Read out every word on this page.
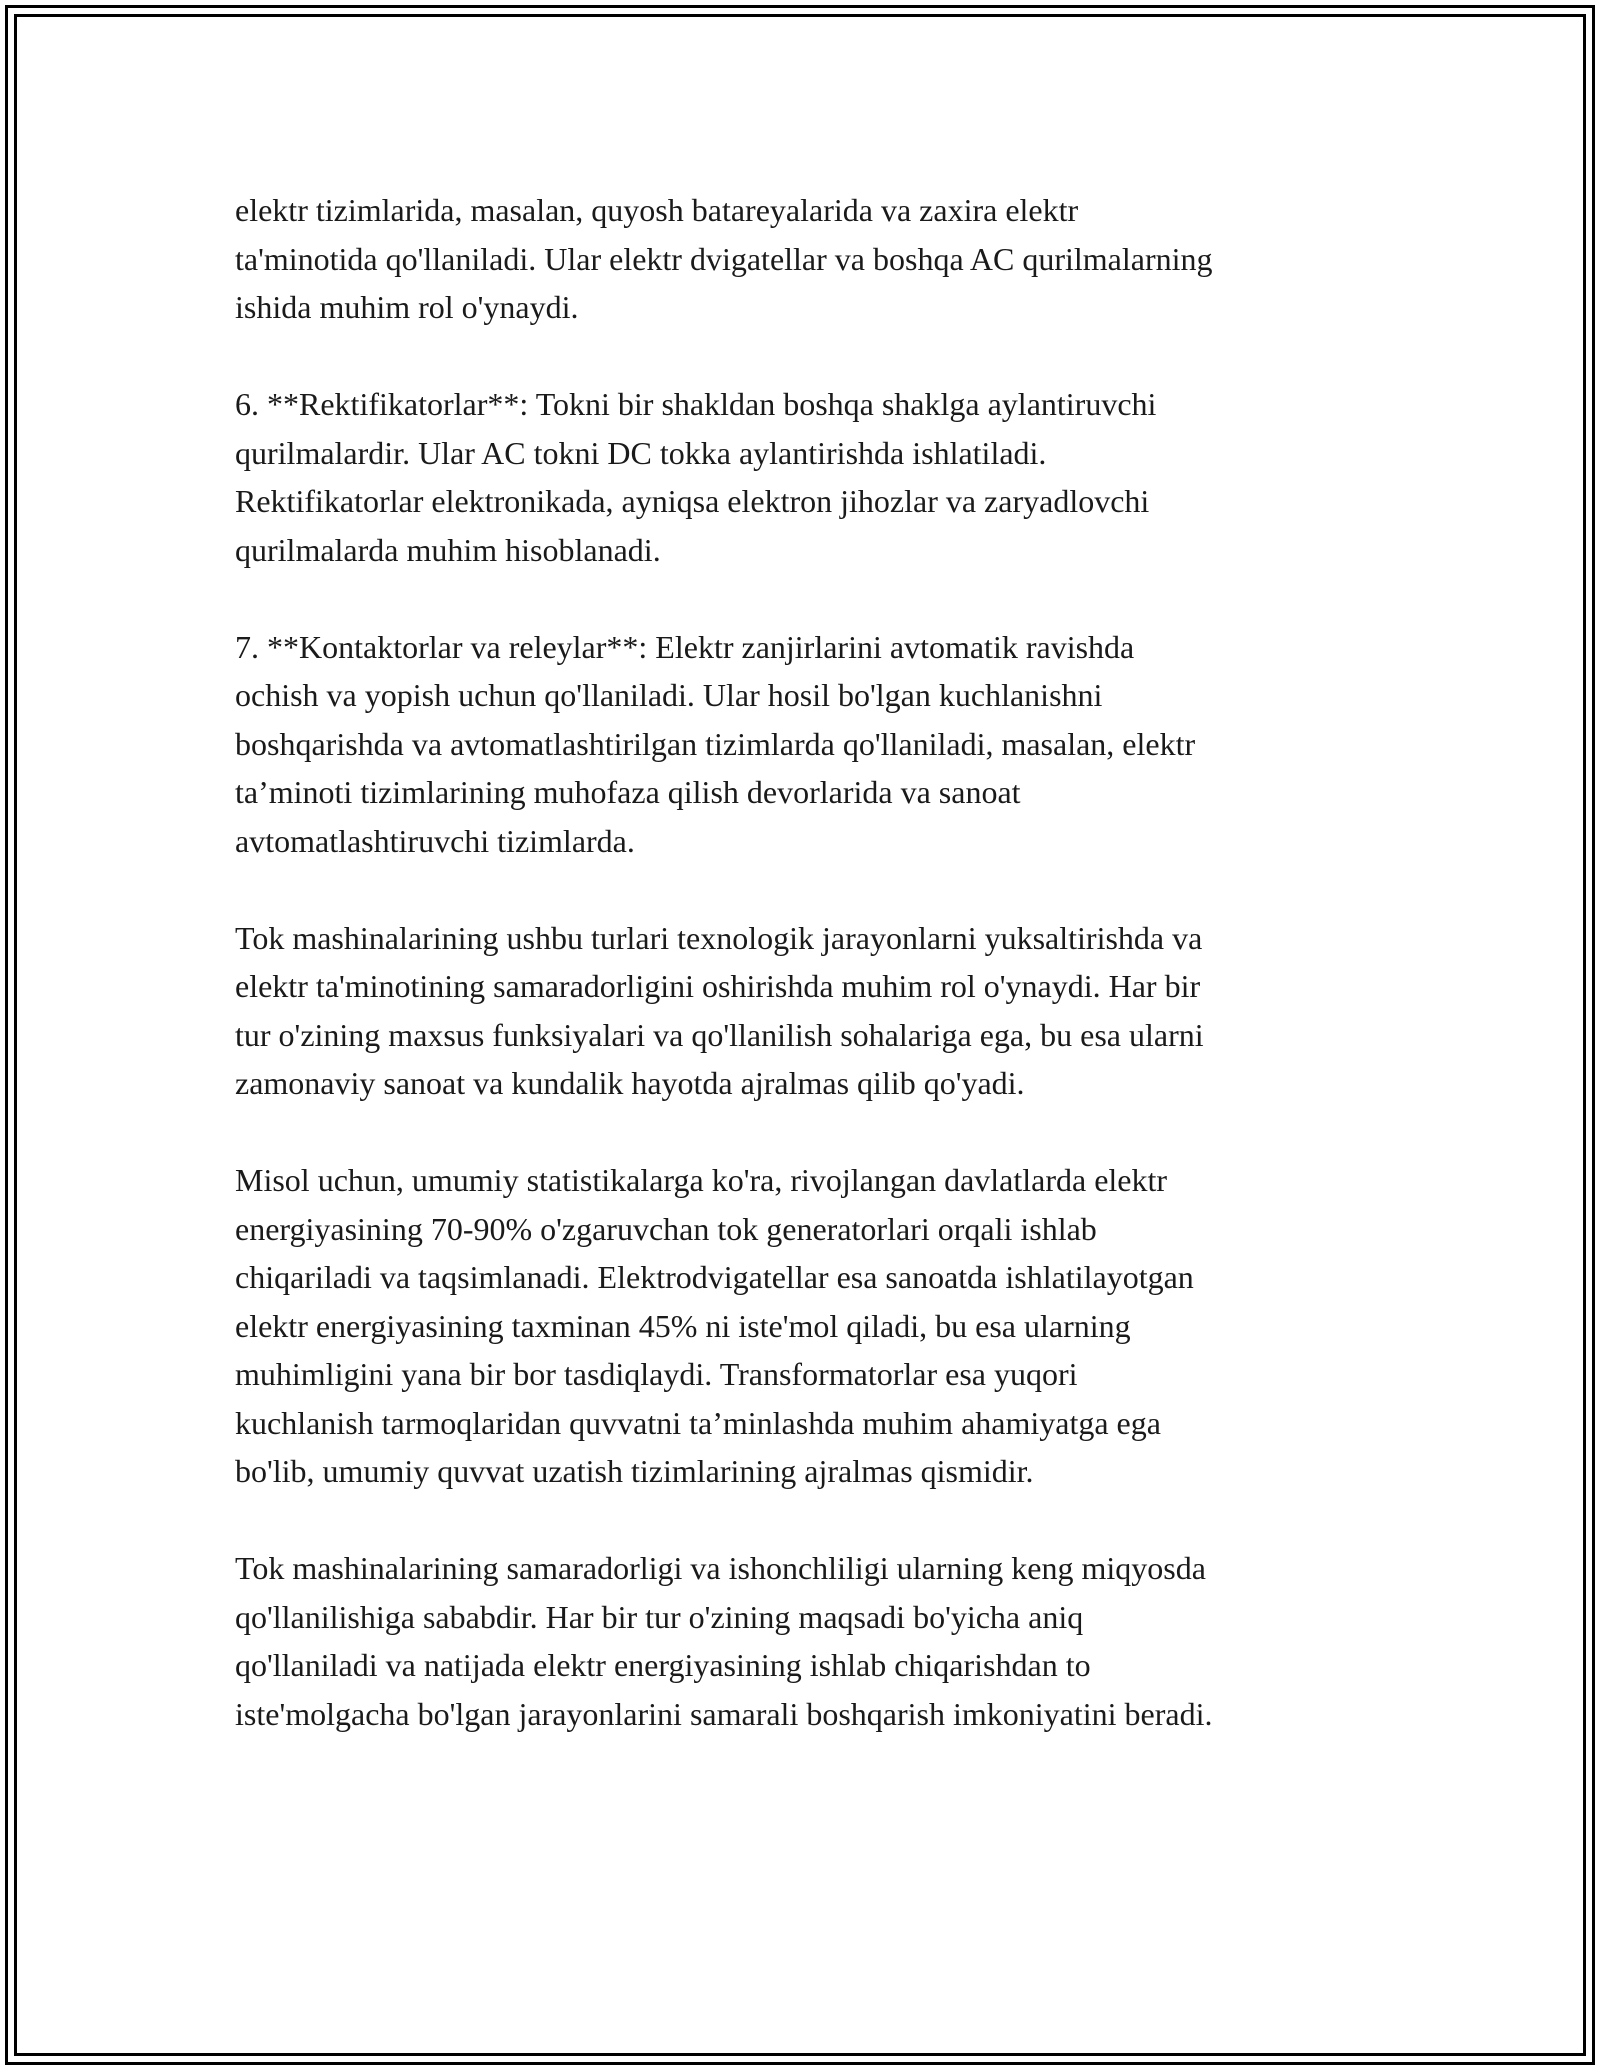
elektr tizimlarida, masalan, quyosh batareyalarida va zaxira elektr
ta'minotida qo'llaniladi. Ular elektr dvigatellar va boshqa AC qurilmalarning
ishida muhim rol o'ynaydi.

6. **Rektifikatorlar**: Tokni bir shakldan boshqa shaklga aylantiruvchi
qurilmalardir. Ular AC tokni DC tokka aylantirishda ishlatiladi.
Rektifikatorlar elektronikada, ayniqsa elektron jihozlar va zaryadlovchi
qurilmalarda muhim hisoblanadi.

7. **Kontaktorlar va releylar**: Elektr zanjirlarini avtomatik ravishda
ochish va yopish uchun qo'llaniladi. Ular hosil bo'lgan kuchlanishni
boshqarishda va avtomatlashtirilgan tizimlarda qo'llaniladi, masalan, elektr
ta’minoti tizimlarining muhofaza qilish devorlarida va sanoat
avtomatlashtiruvchi tizimlarda.

Tok mashinalarining ushbu turlari texnologik jarayonlarni yuksaltirishda va
elektr ta'minotining samaradorligini oshirishda muhim rol o'ynaydi. Har bir
tur o'zining maxsus funksiyalari va qo'llanilish sohalariga ega, bu esa ularni
zamonaviy sanoat va kundalik hayotda ajralmas qilib qo'yadi.

Misol uchun, umumiy statistikalarga ko'ra, rivojlangan davlatlarda elektr
energiyasining 70-90% o'zgaruvchan tok generatorlari orqali ishlab
chiqariladi va taqsimlanadi. Elektrodvigatellar esa sanoatda ishlatilayotgan
elektr energiyasining taxminan 45% ni iste'mol qiladi, bu esa ularning
muhimligini yana bir bor tasdiqlaydi. Transformatorlar esa yuqori
kuchlanish tarmoqlaridan quvvatni ta’minlashda muhim ahamiyatga ega
bo'lib, umumiy quvvat uzatish tizimlarining ajralmas qismidir.

Tok mashinalarining samaradorligi va ishonchliligi ularning keng miqyosda
qo'llanilishiga sababdir. Har bir tur o'zining maqsadi bo'yicha aniq
qo'llaniladi va natijada elektr energiyasining ishlab chiqarishdan to
iste'molgacha bo'lgan jarayonlarini samarali boshqarish imkoniyatini beradi.
